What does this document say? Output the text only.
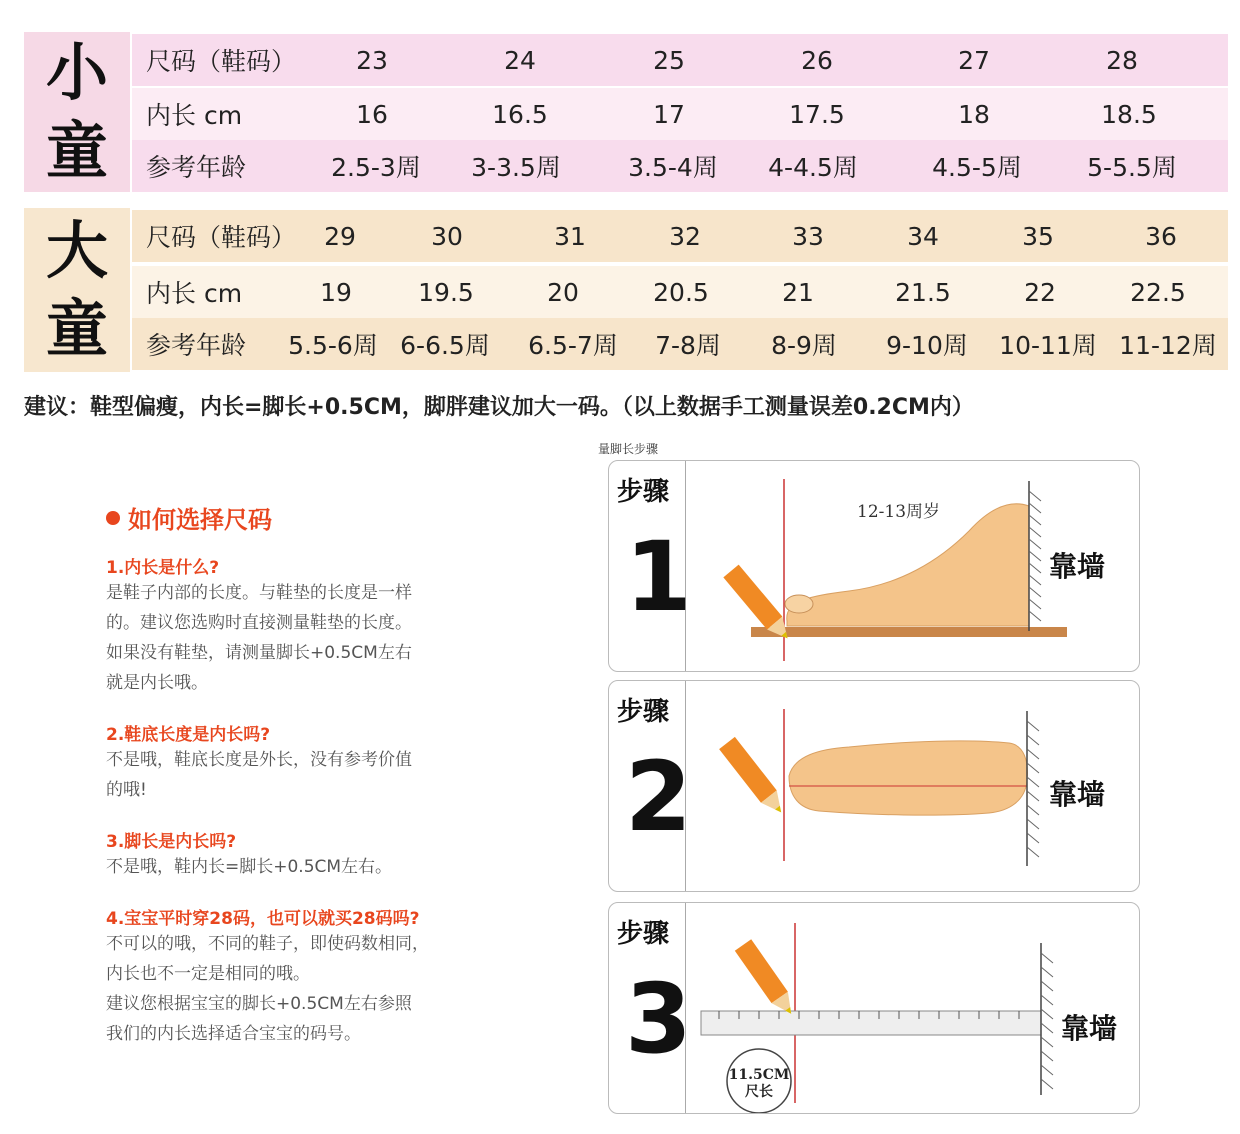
小
童
尺码（鞋码）	23	24	25	26	27	28
内长 cm	16	16.5	17	17.5	18	18.5
参考年龄	2.5-3周	3-3.5周	3.5-4周	4-4.5周	4.5-5周	5-5.5周
大
童
尺码（鞋码）	29	30	31	32	33	34	35	36
内长 cm	19	19.5	20	20.5	21	21.5	22	22.5
参考年龄	5.5-6周 6-6.5周	6.5-7周	7-8周	8-9周	9-10周	10-11周 11-12周
建议：鞋型偏瘦，内长=脚长+0.5CM，脚胖建议加大一码。（以上数据手工测量误差0.2CM内）
如何选择尺码
1.内长是什么?
是鞋子内部的长度。与鞋垫的长度是一样
的。建议您选购时直接测量鞋垫的长度。
如果没有鞋垫，请测量脚长+0.5CM左右
就是内长哦。
2.鞋底长度是内长吗?
不是哦，鞋底长度是外长，没有参考价值
的哦!
3.脚长是内长吗?
不是哦，鞋内长=脚长+0.5CM左右。
4.宝宝平时穿28码，也可以就买28码吗?
不可以的哦，不同的鞋子，即使码数相同，
内长也不一定是相同的哦。
建议您根据宝宝的脚长+0.5CM左右参照
我们的内长选择适合宝宝的码号。
量脚长步骤
步骤
1
12-13周岁
靠墙
步骤
2	靠墙
步骤
3	11.5CM
尺长
靠墙
